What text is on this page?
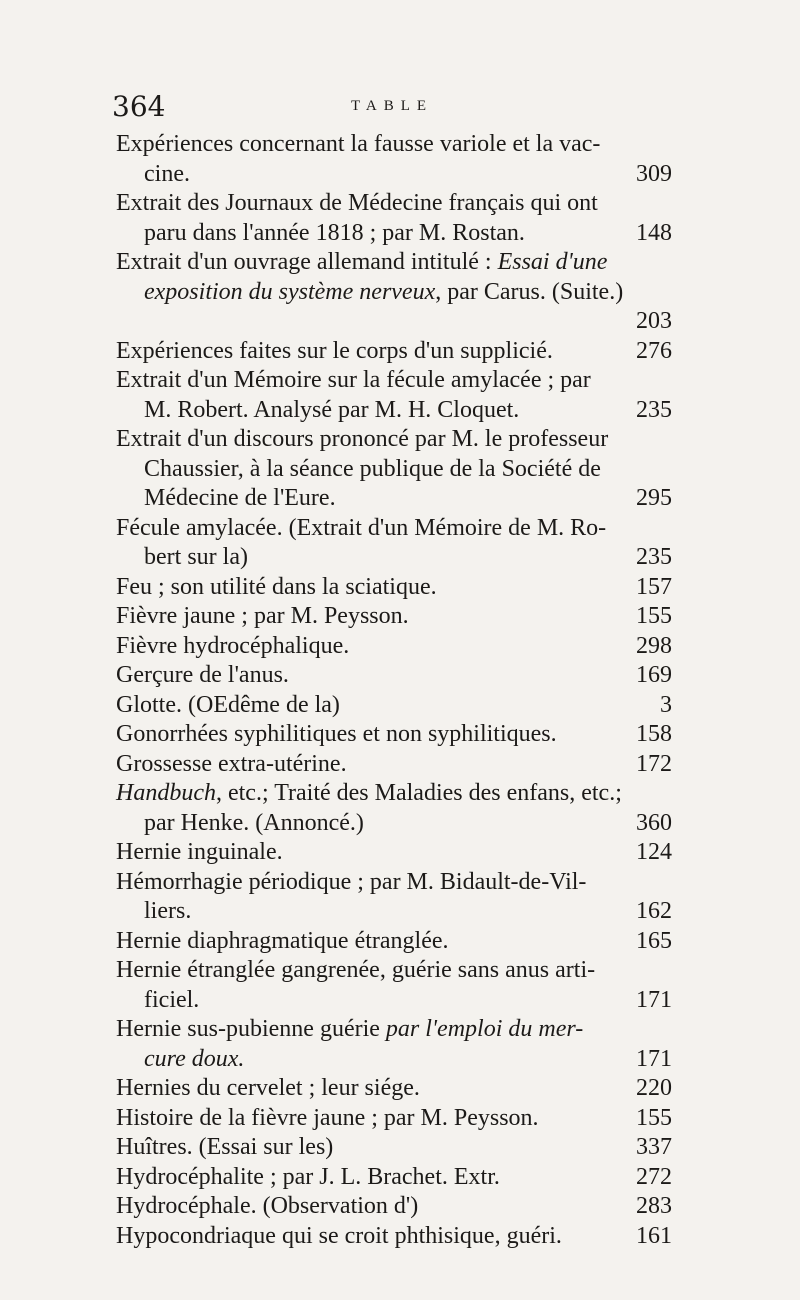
364	TABLE
Expériences concernant la fausse variole et la vac-
cine.	309
Extrait des Journaux de Médecine français qui ont
paru dans l'année 1818 ; par M. Rostan.	148
Extrait d'un ouvrage allemand intitulé : Essai d'une
exposition du système nerveux, par Carus. (Suite.)
203
Expériences faites sur le corps d'un supplicié.	276
Extrait d'un Mémoire sur la fécule amylacée ; par
M. Robert. Analysé par M. H. Cloquet.	235
Extrait d'un discours prononcé par M. le professeur
Chaussier, à la séance publique de la Société de
Médecine de l'Eure.	295
Fécule amylacée. (Extrait d'un Mémoire de M. Ro-
bert sur la)	235
Feu ; son utilité dans la sciatique.	157
Fièvre jaune ; par M. Peysson.	155
Fièvre hydrocéphalique.	298
Gerçure de l'anus.	169
Glotte. (OEdême de la)	3
Gonorrhées syphilitiques et non syphilitiques.	158
Grossesse extra-utérine.	172
Handbuch, etc.; Traité des Maladies des enfans, etc.;
par Henke. (Annoncé.)	360
Hernie inguinale.	124
Hémorrhagie périodique ; par M. Bidault-de-Vil-
liers.	162
Hernie diaphragmatique étranglée.	165
Hernie étranglée gangrenée, guérie sans anus arti-
ficiel.	171
Hernie sus-pubienne guérie par l'emploi du mer-
cure doux.	171
Hernies du cervelet ; leur siége.	220
Histoire de la fièvre jaune ; par M. Peysson.	155
Huîtres. (Essai sur les)	337
Hydrocéphalite ; par J. L. Brachet. Extr.	272
Hydrocéphale. (Observation d')	283
Hypocondriaque qui se croit phthisique, guéri.	161
